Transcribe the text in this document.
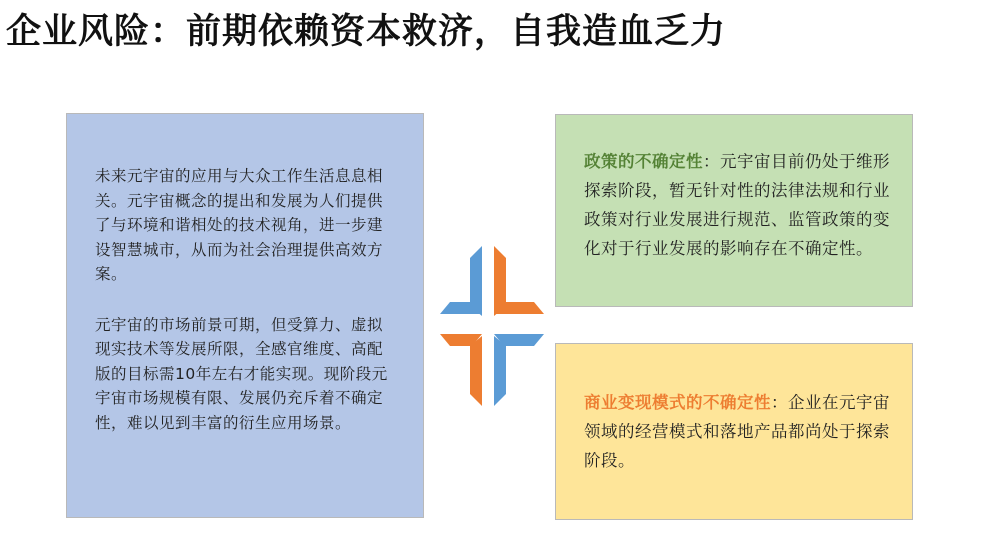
企业风险：前期依赖资本救济，自我造血乏力

未来元宇宙的应用与大众工作生活息息相关。元宇宙概念的提出和发展为人们提供了与环境和谐相处的技术视角，进一步建设智慧城市，从而为社会治理提供高效方案。

元宇宙的市场前景可期，但受算力、虚拟现实技术等发展所限，全感官维度、高配版的目标需10年左右才能实现。现阶段元宇宙市场规模有限、发展仍充斥着不确定性，难以见到丰富的衍生应用场景。

政策的不确定性：元宇宙目前仍处于维形探索阶段，暂无针对性的法律法规和行业政策对行业发展进行规范、监管政策的变化对于行业发展的影响存在不确定性。

商业变现模式的不确定性：企业在元宇宙领域的经营模式和落地产品都尚处于探索阶段。
